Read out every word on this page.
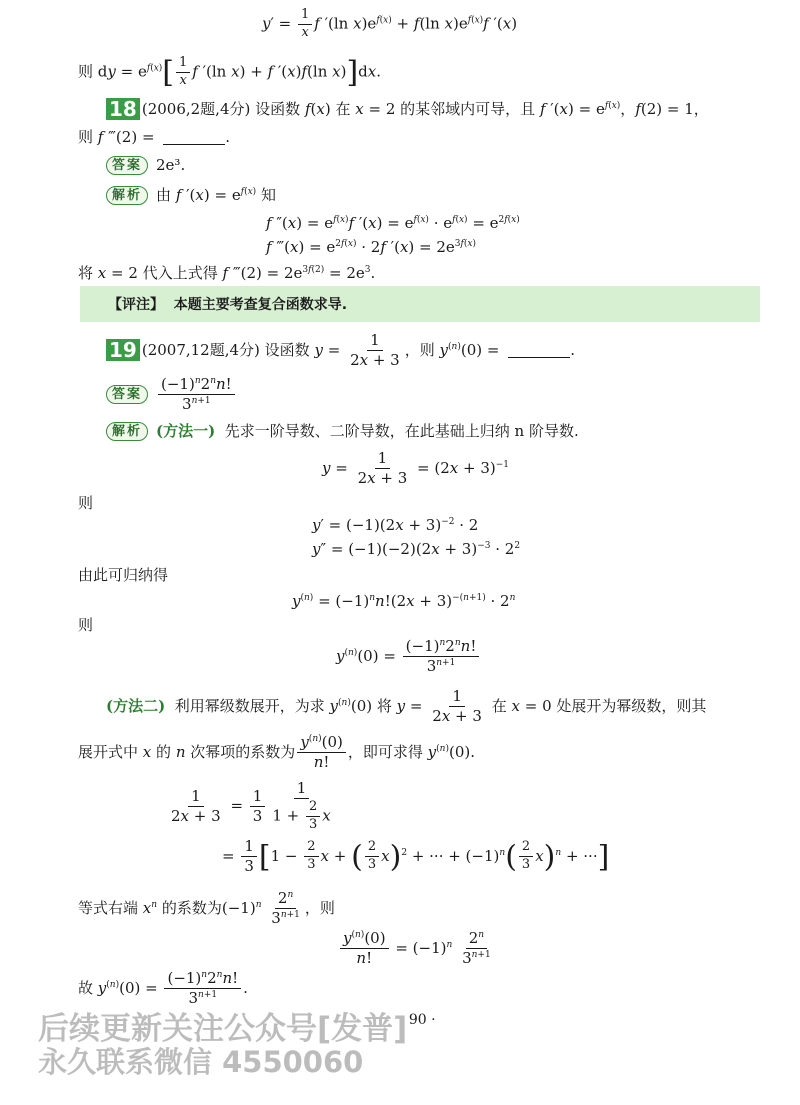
$y' = \frac{1}{x}$ f ′(ln $x)e^{f(x)} + f(\ln$ $x)e^{f(x)}f$ ′(x)
则 dy = $e^{f(x)}[ \frac{1}{x}$ f ′(ln x) + f ′(x)f(ln x)]dx.
18 (2006,2题,4分) 设函数 f(x) 在 x = 2 的某邻域内可导，且 f $'(x) = e^{f(x)}$，f(2) = 1，
则 f ‴(2) =	.
答案 2e³.
解析 由 f $'(x) = e^{f(x)}$ 知
f $''(x) = e^{f(x)}f$ $'(x) = e^{f(x)} \cdot e^{f(x)} = e^{2f(x)}$
f ‴(x) = $e^{2f(x)} \cdot 2f$ $'(x) = 2e^{3f(x)}$
将 x = 2 代入上式得 f ‴(2) = $2e^{3f(2)} = 2e^3$.
【评注】 本题主要考查复合函数求导.
19 (2007,12题,4分) 设函数 $y = \frac{1}{2x + 3}$ ，则 $y^{(n)}(0)$ =	.
答案 $\frac{(-1)^n2^nn!}{3^{n+1}}$
解析 (方法一) 先求一阶导数、二阶导数，在此基础上归纳 n 阶导数.
$y = \frac{1}{2x + 3} = (2x + 3)^{-1}$
则
$y' = (-1)(2x + 3)^{-2} \cdot 2$
$y'' = (-1)(-2)(2x + 3)^{-3} \cdot 2^2$
由此可归纳得
$y^{(n)} = (-1)^nn!(2x + 3)^{-(n+1)} \cdot 2^n$
则
$y^{(n)}(0) = \frac{(-1)^n2^nn!}{3^{n+1}}$
(方法二) 利用幂级数展开，为求 $y^{(n)}(0)$ 将 $y = \frac{1}{2x + 3}$ 在 x = 0 处展开为幂级数，则其
展开式中 x 的 n 次幂项的系数为 $\frac{y^{(n)}(0)}{n!}$ ，即可求得 $y^{(n)}(0)$.
$\frac{1}{2x + 3} = \frac{1}{3} \frac{1}{1 + \frac{2}{3} x}$
= $\frac{1}{3} [1 - \frac{2}{3}$ x + ( $\frac{2}{3} x)^2$ + ··· + $(-1)^n( \frac{2}{3} x)^n$ + ···]
等式右端 $x^n$ 的系数为$(-1)^n \frac{2^n}{3^{n+1}}$ ，则
$\frac{y^{(n)}(0)}{n!} = (-1)^n \frac{2^n}{3^{n+1}}$
故 $y^{(n)}(0) = \frac{(-1)^n2^nn!}{3^{n+1}}$ .
· 90 ·
后续更新关注公众号[发普]
永久联系微信 4550060
